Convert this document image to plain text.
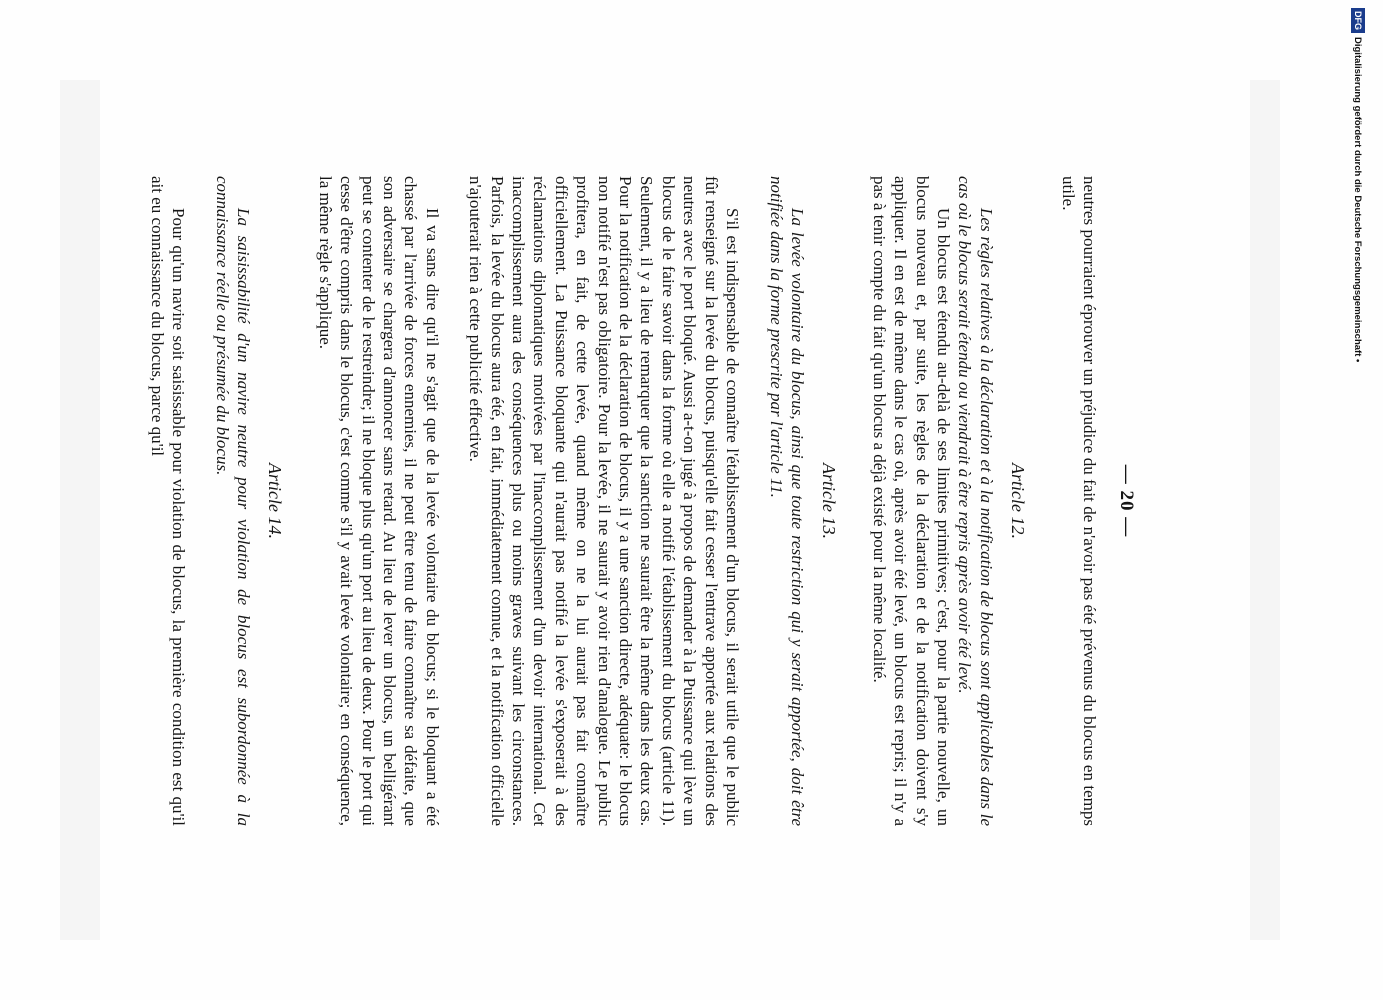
— 20 —

neutres pourraient éprouver un préjudice du fait de n'avoir pas été prévenus du blocus en temps utile.

Article 12.

Les règles relatives à la déclaration et à la notification de blocus sont applicables dans le cas où le blocus serait étendu ou viendrait à être repris après avoir été levé.

Un blocus est étendu au-delà de ses limites primitives; c'est, pour la partie nouvelle, un blocus nouveau et, par suite, les règles de la déclaration et de la notification doivent s'y appliquer. Il en est de même dans le cas où, après avoir été levé, un blocus est repris; il n'y a pas à tenir compte du fait qu'un blocus a déjà existé pour la même localité.

Article 13.

La levée volontaire du blocus, ainsi que toute restriction qui y serait apportée, doit être notifiée dans la forme prescrite par l'article 11.

S'il est indispensable de connaître l'établissement d'un blocus, il serait utile que le public fût renseigné sur la levée du blocus, puisqu'elle fait cesser l'entrave apportée aux relations des neutres avec le port bloqué. Aussi a-t-on jugé à propos de demander à la Puissance qui lève un blocus de le faire savoir dans la forme où elle a notifié l'établissement du blocus (article 11). Seulement, il y a lieu de remarquer que la sanction ne saurait être la même dans les deux cas. Pour la notification de la déclaration de blocus, il y a une sanction directe, adéquate: le blocus non notifié n'est pas obligatoire. Pour la levée, il ne saurait y avoir rien d'analogue. Le public profitera, en fait, de cette levée, quand même on ne la lui aurait pas fait connaître officiellement. La Puissance bloquante qui n'aurait pas notifié la levée s'exposerait à des réclamations diplomatiques motivées par l'inaccomplissement d'un devoir international. Cet inaccomplissement aura des conséquences plus ou moins graves suivant les circonstances. Parfois, la levée du blocus aura été, en fait, immédiatement connue, et la notification officielle n'ajouterait rien à cette publicité effective.

Il va sans dire qu'il ne s'agit que de la levée volontaire du blocus; si le bloquant a été chassé par l'arrivée de forces ennemies, il ne peut être tenu de faire connaître sa défaite, que son adversaire se chargera d'annoncer sans retard. Au lieu de lever un blocus, un belligérant peut se contenter de le restreindre; il ne bloque plus qu'un port au lieu de deux. Pour le port qui cesse d'être compris dans le blocus, c'est comme s'il y avait levée volontaire; en conséquence, la même règle s'applique.

Article 14.

La saisissabilité d'un navire neutre pour violation de blocus est subordonnée à la connaissance réelle ou présumée du blocus.

Pour qu'un navire soit saisissable pour violation de blocus, la première condition est qu'il ait eu connaissance du blocus, parce qu'il

DFGDigitalisierung gefördert durch die Deutsche Forschungsgemeinschaft •
